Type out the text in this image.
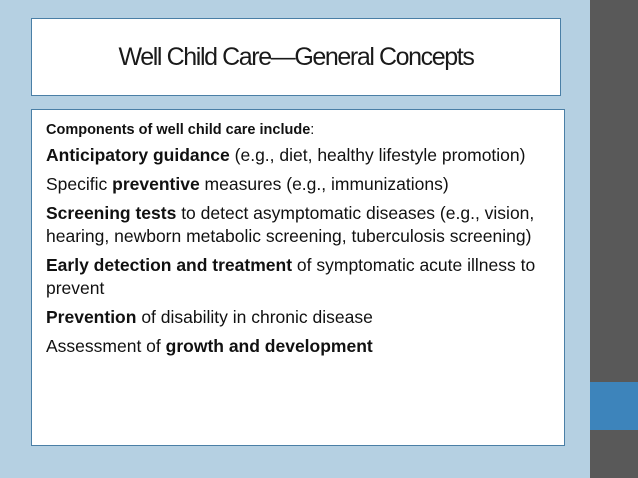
Well Child Care—General Concepts
Components of well child care include:
Anticipatory guidance (e.g., diet, healthy lifestyle promotion)
Specific preventive measures (e.g., immunizations)
Screening tests to detect asymptomatic diseases (e.g., vision, hearing, newborn metabolic screening, tuberculosis screening)
Early detection and treatment of symptomatic acute illness to prevent
Prevention of disability in chronic disease
Assessment of growth and development
